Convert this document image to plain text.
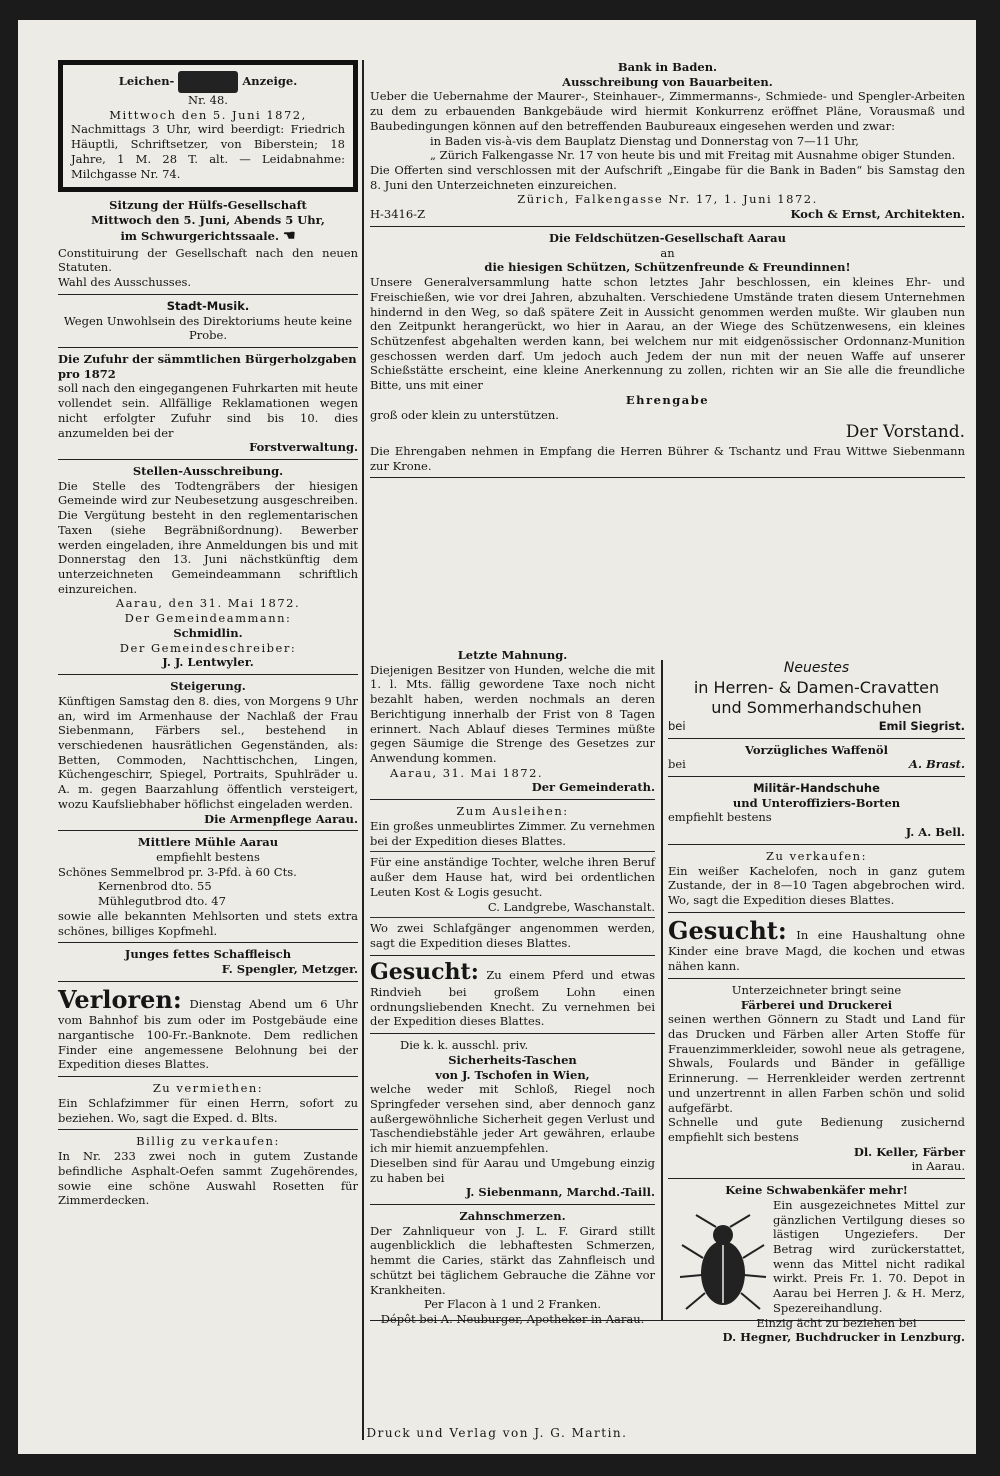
Leichen-	Anzeige.

Nr. 48.

Mittwoch den 5. Juni 1872,

Nachmittags 3 Uhr, wird beerdigt: Friedrich Häuptli, Schriftsetzer, von Biberstein; 18 Jahre, 1 M. 28 T. alt. — Leidabnahme: Milchgasse Nr. 74.

Sitzung der Hülfs-Gesellschaft

Mittwoch den 5. Juni, Abends 5 Uhr,

im Schwurgerichtssaale. ☚

Constituirung der Gesellschaft nach den neuen Statuten.

Wahl des Ausschusses.

Stadt-Musik.

Wegen Unwohlsein des Direktoriums heute keine Probe.

Die Zufuhr der sämmtlichen Bürgerholzgaben pro 1872

soll nach den eingegangenen Fuhrkarten mit heute vollendet sein. Allfällige Reklamationen wegen nicht erfolgter Zufuhr sind bis 10. dies anzumelden bei der

Forstverwaltung.

Stellen-Ausschreibung.

Die Stelle des Todtengräbers der hiesigen Gemeinde wird zur Neubesetzung ausgeschreiben. Die Vergütung besteht in den reglementarischen Taxen (siehe Begräbnißordnung). Bewerber werden eingeladen, ihre Anmeldungen bis und mit Donnerstag den 13. Juni nächstkünftig dem unterzeichneten Gemeindeammann schriftlich einzureichen.

Aarau, den 31. Mai 1872.

Der Gemeindeammann:

Schmidlin.

Der Gemeindeschreiber:

J. J. Lentwyler.

Steigerung.

Künftigen Samstag den 8. dies, von Morgens 9 Uhr an, wird im Armenhause der Nachlaß der Frau Siebenmann, Färbers sel., bestehend in verschiedenen hausrätlichen Gegenständen, als: Betten, Commoden, Nachttischchen, Lingen, Küchengeschirr, Spiegel, Portraits, Spuhlräder u. A. m. gegen Baarzahlung öffentlich versteigert, wozu Kaufsliebhaber höflichst eingeladen werden.

Die Armenpflege Aarau.

Mittlere Mühle Aarau

empfiehlt bestens

Schönes Semmelbrod pr. 3-Pfd. à 60 Cts.

Kernenbrod dto. 55

Mühlegutbrod dto. 47

sowie alle bekannten Mehlsorten und stets extra schönes, billiges Kopfmehl.

Junges fettes Schaffleisch

F. Spengler, Metzger.

Verloren: Dienstag Abend um 6 Uhr vom Bahnhof bis zum oder im Postgebäude eine nargantische 100-Fr.-Banknote. Dem redlichen Finder eine angemessene Belohnung bei der Expedition dieses Blattes.

Zu vermiethen:

Ein Schlafzimmer für einen Herrn, sofort zu beziehen. Wo, sagt die Exped. d. Blts.

Billig zu verkaufen:

In Nr. 233 zwei noch in gutem Zustande befindliche Asphalt-Oefen sammt Zugehörendes, sowie eine schöne Auswahl Rosetten für Zimmerdecken.

Bank in Baden.

Ausschreibung von Bauarbeiten.

Ueber die Uebernahme der Maurer-, Steinhauer-, Zimmermanns-, Schmiede- und Spengler-Arbeiten zu dem zu erbauenden Bankgebäude wird hiermit Konkurrenz eröffnet Pläne, Vorausmaß und Baubedingungen können auf den betreffenden Baubureaux eingesehen werden und zwar:

in Baden vis-à-vis dem Bauplatz Dienstag und Donnerstag von 7—11 Uhr,

„ Zürich Falkengasse Nr. 17 von heute bis und mit Freitag mit Ausnahme obiger Stunden.

Die Offerten sind verschlossen mit der Aufschrift „Eingabe für die Bank in Baden“ bis Samstag den 8. Juni den Unterzeichneten einzureichen.

Zürich, Falkengasse Nr. 17, 1. Juni 1872.

H-3416-Z	Koch & Ernst, Architekten.

Die Feldschützen-Gesellschaft Aarau

an

die hiesigen Schützen, Schützenfreunde & Freundinnen!

Unsere Generalversammlung hatte schon letztes Jahr beschlossen, ein kleines Ehr- und Freischießen, wie vor drei Jahren, abzuhalten. Verschiedene Umstände traten diesem Unternehmen hindernd in den Weg, so daß spätere Zeit in Aussicht genommen werden mußte. Wir glauben nun den Zeitpunkt herangerückt, wo hier in Aarau, an der Wiege des Schützenwesens, ein kleines Schützenfest abgehalten werden kann, bei welchem nur mit eidgenössischer Ordonnanz-Munition geschossen werden darf. Um jedoch auch Jedem der nun mit der neuen Waffe auf unserer Schießstätte erscheint, eine kleine Anerkennung zu zollen, richten wir an Sie alle die freundliche Bitte, uns mit einer

Ehrengabe

groß oder klein zu unterstützen.

Der Vorstand.

Die Ehrengaben nehmen in Empfang die Herren Bührer & Tschantz und Frau Wittwe Siebenmann zur Krone.

Letzte Mahnung.

Diejenigen Besitzer von Hunden, welche die mit 1. l. Mts. fällig gewordene Taxe noch nicht bezahlt haben, werden nochmals an deren Berichtigung innerhalb der Frist von 8 Tagen erinnert. Nach Ablauf dieses Termines müßte gegen Säumige die Strenge des Gesetzes zur Anwendung kommen.

Aarau, 31. Mai 1872.

Der Gemeinderath.

Zum Ausleihen:

Ein großes unmeublirtes Zimmer. Zu vernehmen bei der Expedition dieses Blattes.

Für eine anständige Tochter, welche ihren Beruf außer dem Hause hat, wird bei ordentlichen Leuten Kost & Logis gesucht.

C. Landgrebe, Waschanstalt.

Wo zwei Schlafgänger angenommen werden, sagt die Expedition dieses Blattes.

Gesucht: Zu einem Pferd und etwas Rindvieh bei großem Lohn einen ordnungsliebenden Knecht. Zu vernehmen bei der Expedition dieses Blattes.

Die k. k. ausschl. priv.

Sicherheits-Taschen

von J. Tschofen in Wien,

welche weder mit Schloß, Riegel noch Springfeder versehen sind, aber dennoch ganz außergewöhnliche Sicherheit gegen Verlust und Taschendiebstähle jeder Art gewähren, erlaube ich mir hiemit anzuempfehlen.

Dieselben sind für Aarau und Umgebung einzig zu haben bei

J. Siebenmann, Marchd.-Taill.

Zahnschmerzen.

Der Zahnliqueur von J. L. F. Girard stillt augenblicklich die lebhaftesten Schmerzen, hemmt die Caries, stärkt das Zahnfleisch und schützt bei täglichem Gebrauche die Zähne vor Krankheiten.

Per Flacon à 1 und 2 Franken.

Dépôt bei A. Neuburger, Apotheker in Aarau.

Neuestes

in Herren- & Damen-Cravatten

und Sommerhandschuhen

bei	Emil Siegrist.

Vorzügliches Waffenöl

bei	A. Brast.

Militär-Handschuhe

und Unteroffiziers-Borten

empfiehlt bestens

J. A. Bell.

Zu verkaufen:

Ein weißer Kachelofen, noch in ganz gutem Zustande, der in 8—10 Tagen abgebrochen wird. Wo, sagt die Expedition dieses Blattes.

Gesucht: In eine Haushaltung ohne Kinder eine brave Magd, die kochen und etwas nähen kann.

Unterzeichneter bringt seine

Färberei und Druckerei

seinen werthen Gönnern zu Stadt und Land für das Drucken und Färben aller Arten Stoffe für Frauenzimmerkleider, sowohl neue als getragene, Shwals, Foulards und Bänder in gefällige Erinnerung. — Herrenkleider werden zertrennt und unzertrennt in allen Farben schön und solid aufgefärbt.

Schnelle und gute Bedienung zusichernd empfiehlt sich bestens

Dl. Keller, Färber

in Aarau.

Keine Schwabenkäfer mehr!

Ein ausgezeichnetes Mittel zur gänzlichen Vertilgung dieses so lästigen Ungeziefers. Der Betrag wird zurückerstattet, wenn das Mittel nicht radikal wirkt. Preis Fr. 1. 70. Depot in Aarau bei Herren J. & H. Merz, Spezereihandlung.

Einzig ächt zu beziehen bei

D. Hegner, Buchdrucker in Lenzburg.

Druck und Verlag von J. G. Martin.
